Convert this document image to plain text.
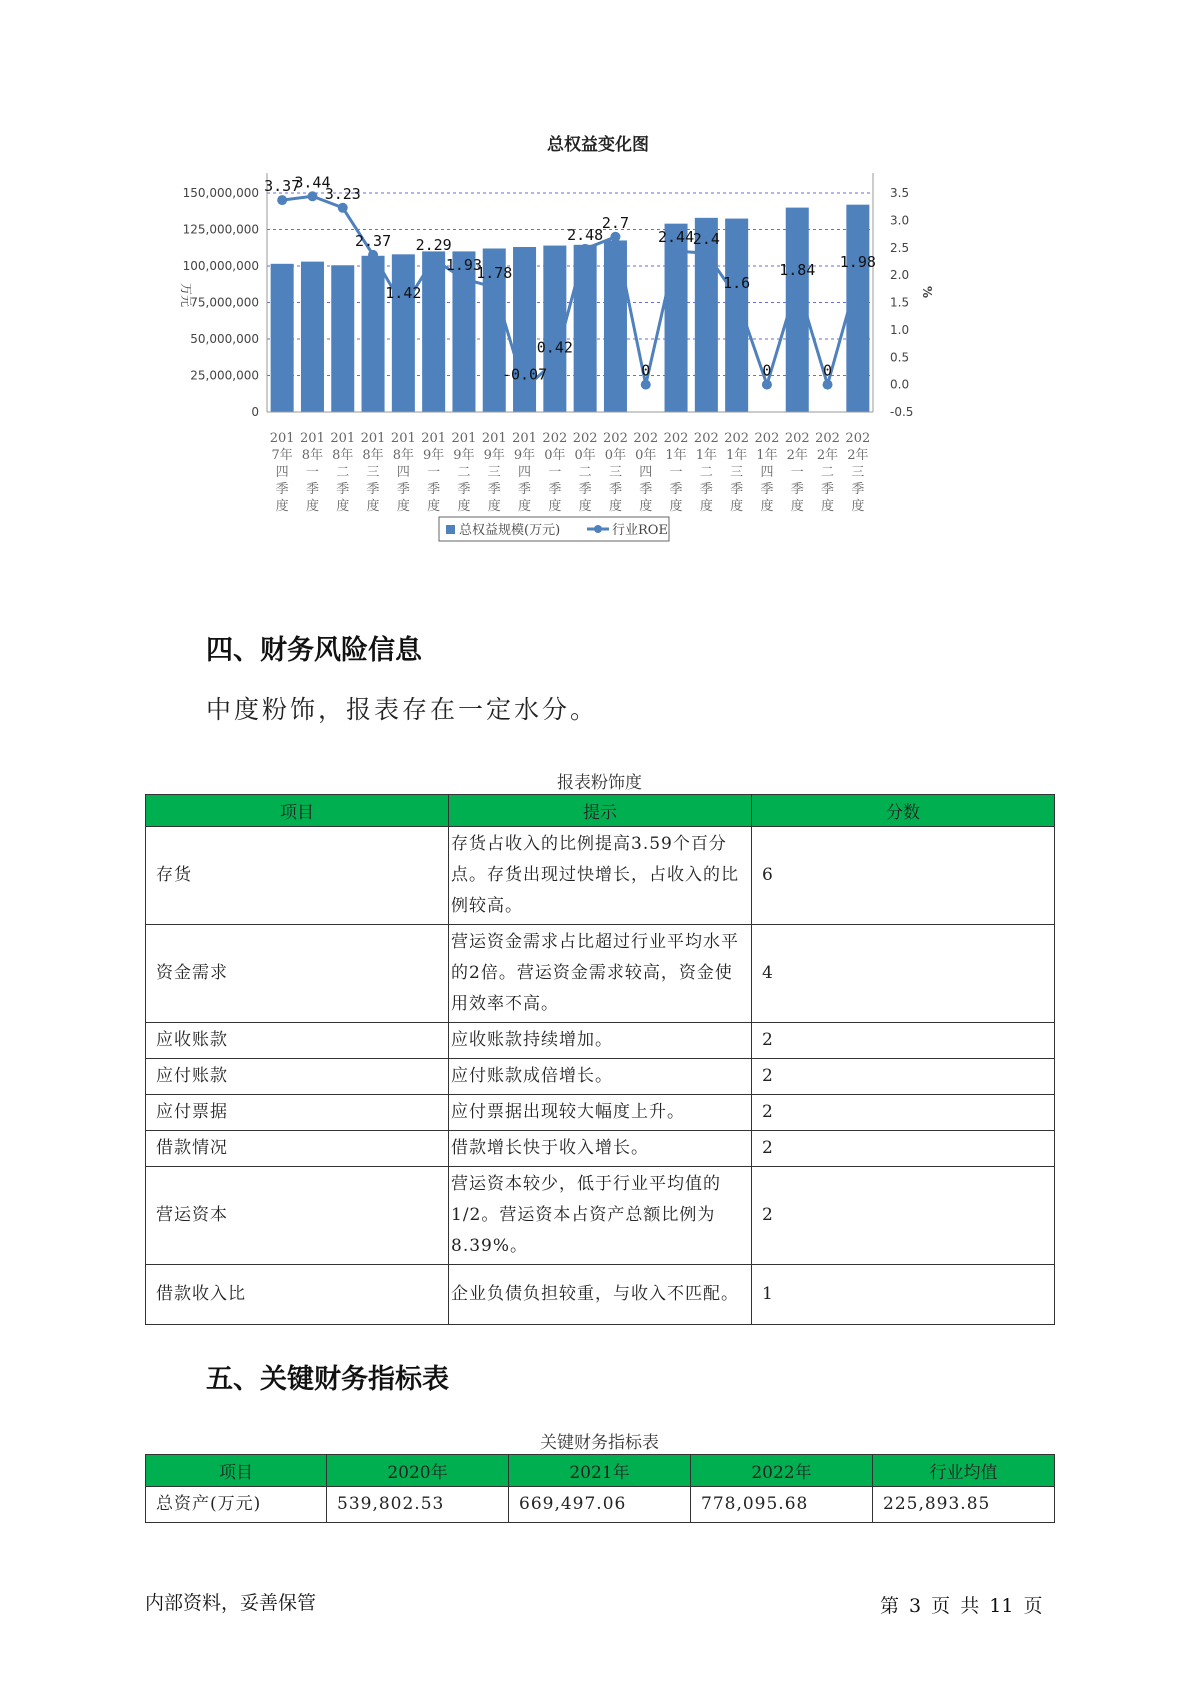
总权益变化图
3.37
3.44
3.23
2.37
1.42
2.29
1.93
1.78
-0.07
0.42
2.48
2.7
0
2.44
2.4
1.6
0
1.84
0
1.98
0
25,000,000
50,000,000
75,000,000
100,000,000
125,000,000
150,000,000
-0.5
0.0
0.5
1.0
1.5
2.0
2.5
3.0
3.5
201
7年
四
季
度
201
8年
一
季
度
201
8年
二
季
度
201
8年
三
季
度
201
8年
四
季
度
201
9年
一
季
度
201
9年
二
季
度
201
9年
三
季
度
201
9年
四
季
度
202
0年
一
季
度
202
0年
二
季
度
202
0年
三
季
度
202
0年
四
季
度
202
1年
一
季
度
202
1年
二
季
度
202
1年
三
季
度
202
1年
四
季
度
202
2年
一
季
度
202
2年
二
季
度
202
2年
三
季
度
万元	%
总权益规模(万元)	行业ROE
四、财务风险信息

中度粉饰，报表存在一定水分。

报表粉饰度
项目	提示	分数
存货	存货占收入的比例提高3.59个百分点。存货出现过快增长，占收入的比例较高。	6
资金需求	营运资金需求占比超过行业平均水平的2倍。营运资金需求较高，资金使用效率不高。	4
应收账款	应收账款持续增加。	2
应付账款	应付账款成倍增长。	2
应付票据	应付票据出现较大幅度上升。	2
借款情况	借款增长快于收入增长。	2
营运资本	营运资本较少，低于行业平均值的1/2。营运资本占资产总额比例为8.39%。	2
借款收入比	企业负债负担较重，与收入不匹配。	1
五、关键财务指标表
关键财务指标表
项目	2020年	2021年	2022年	行业均值
总资产(万元)	539,802.53	669,497.06	778,095.68	225,893.85
内部资料，妥善保管	第 3 页 共 11 页
